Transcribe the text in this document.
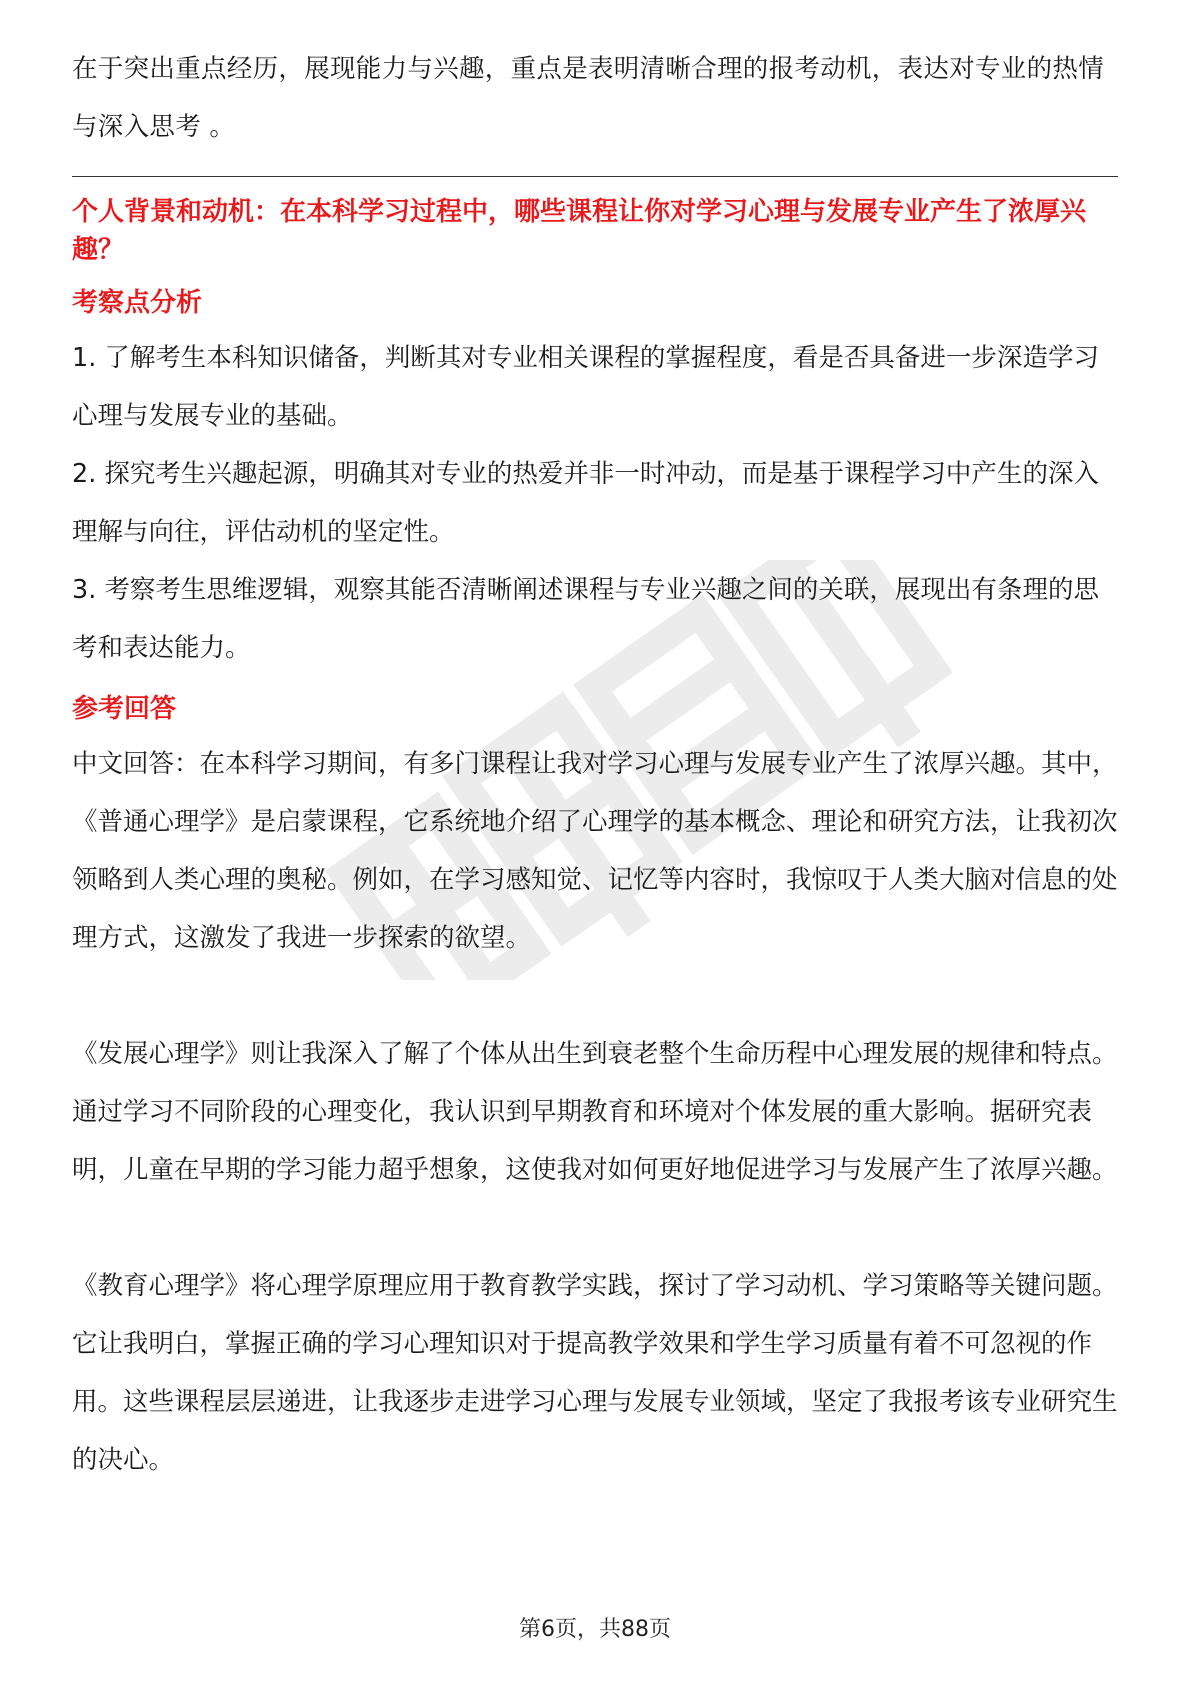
在于突出重点经历，展现能力与兴趣，重点是表明清晰合理的报考动机，表达对专业的热情与深入思考 。

个人背景和动机：在本科学习过程中，哪些课程让你对学习心理与发展专业产生了浓厚兴趣？

考察点分析

1. 了解考生本科知识储备，判断其对专业相关课程的掌握程度，看是否具备进一步深造学习心理与发展专业的基础。

2. 探究考生兴趣起源，明确其对专业的热爱并非一时冲动，而是基于课程学习中产生的深入理解与向往，评估动机的坚定性。

3. 考察考生思维逻辑，观察其能否清晰阐述课程与专业兴趣之间的关联，展现出有条理的思考和表达能力。

参考回答

中文回答：在本科学习期间，有多门课程让我对学习心理与发展专业产生了浓厚兴趣。其中，《普通心理学》是启蒙课程，它系统地介绍了心理学的基本概念、理论和研究方法，让我初次领略到人类心理的奥秘。例如，在学习感知觉、记忆等内容时，我惊叹于人类大脑对信息的处理方式，这激发了我进一步探索的欲望。

《发展心理学》则让我深入了解了个体从出生到衰老整个生命历程中心理发展的规律和特点。通过学习不同阶段的心理变化，我认识到早期教育和环境对个体发展的重大影响。据研究表明，儿童在早期的学习能力超乎想象，这使我对如何更好地促进学习与发展产生了浓厚兴趣。

《教育心理学》将心理学原理应用于教育教学实践，探讨了学习动机、学习策略等关键问题。它让我明白，掌握正确的学习心理知识对于提高教学效果和学生学习质量有着不可忽视的作用。这些课程层层递进，让我逐步走进学习心理与发展专业领域，坚定了我报考该专业研究生的决心。

第6页，共88页
